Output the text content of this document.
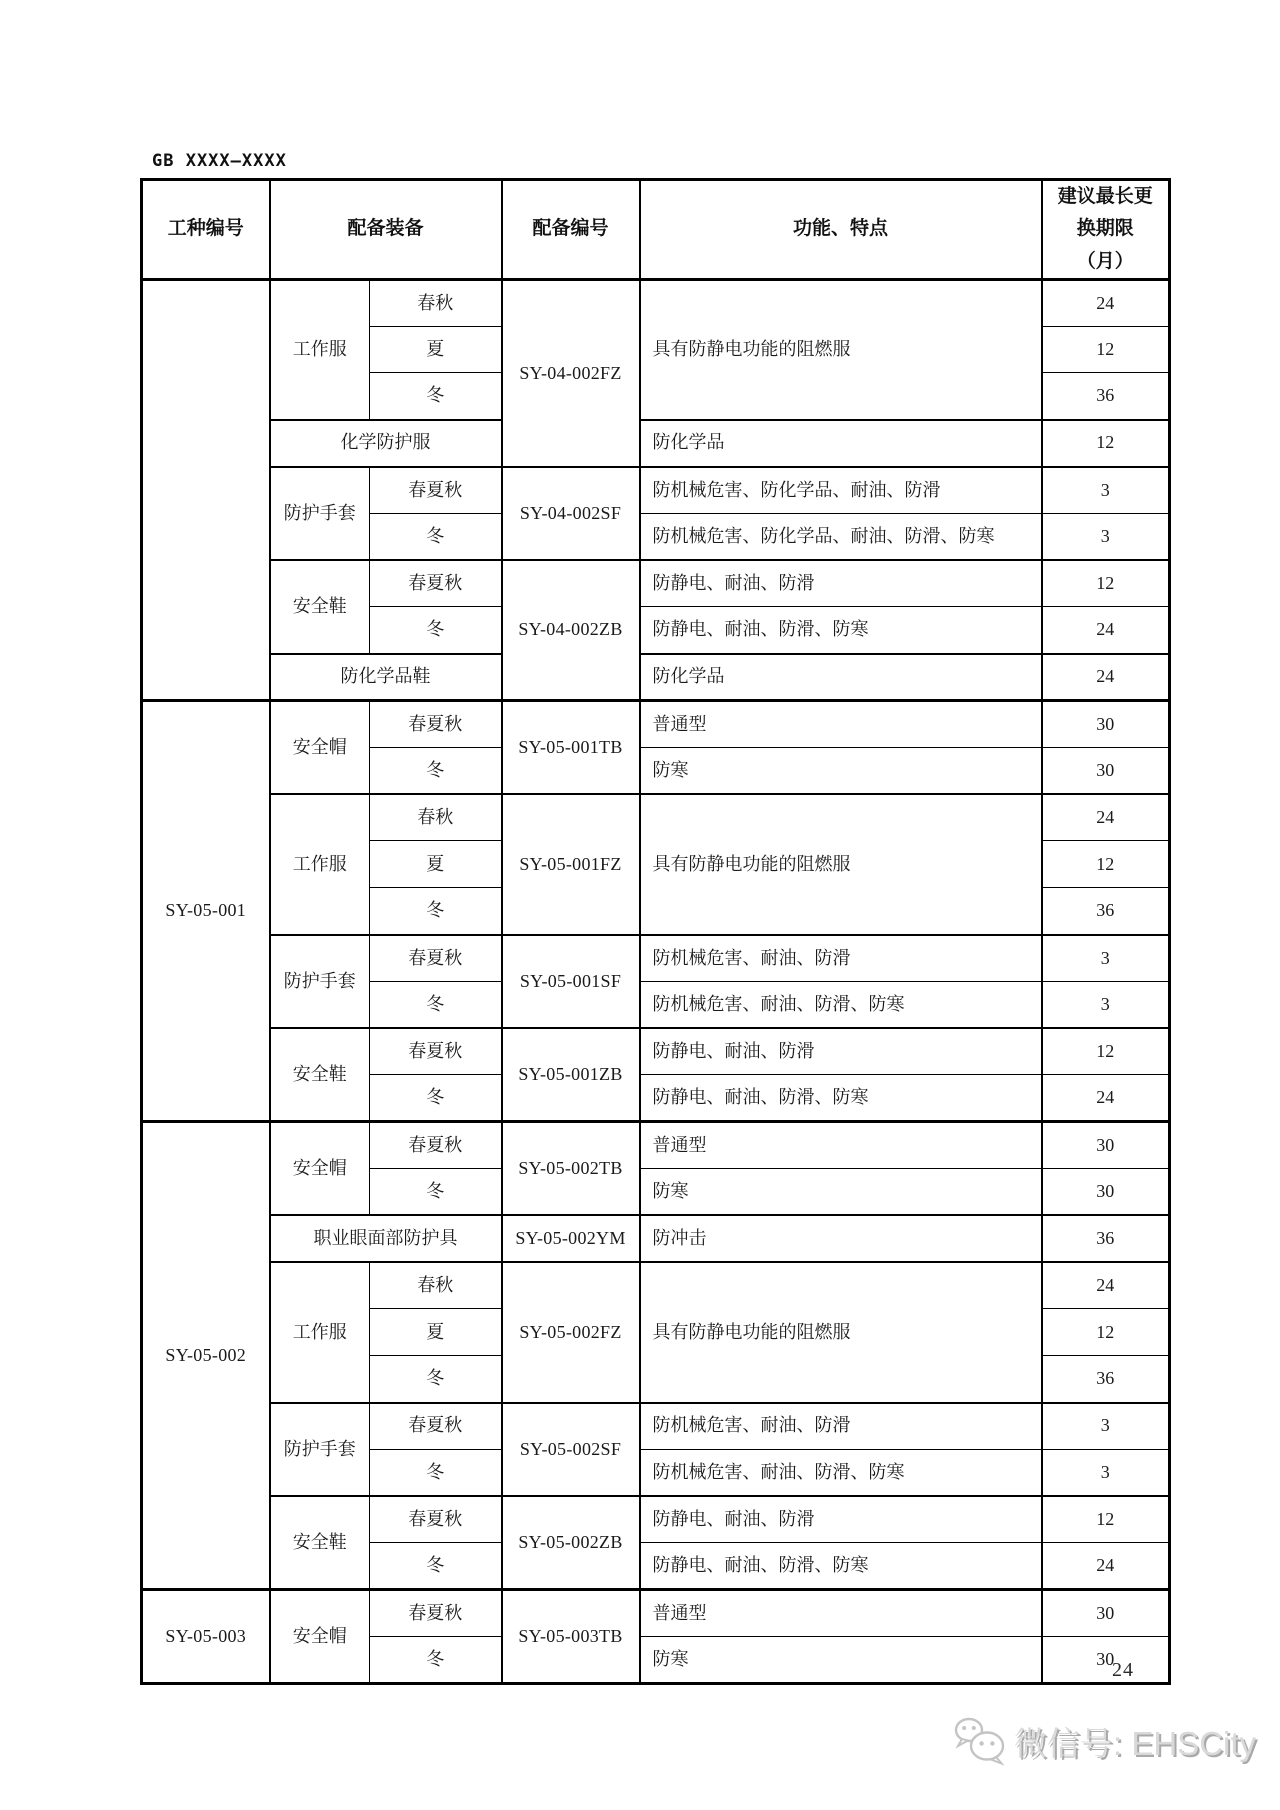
GB XXXX—XXXX
工种编号	配备装备		配备编号	功能、特点	建议最长更换期限（月）
	工作服	春秋	SY-04-002FZ	具有防静电功能的阻燃服	24
		夏			12
		冬			36
	化学防护服			防化学品	12
	防护手套	春夏秋	SY-04-002SF	防机械危害、防化学品、耐油、防滑	3
		冬		防机械危害、防化学品、耐油、防滑、防寒	3
	安全鞋	春夏秋	SY-04-002ZB	防静电、耐油、防滑	12
		冬		防静电、耐油、防滑、防寒	24
	防化学品鞋			防化学品	24
SY-05-001	安全帽	春夏秋	SY-05-001TB	普通型	30
		冬		防寒	30
	工作服	春秋	SY-05-001FZ	具有防静电功能的阻燃服	24
		夏			12
		冬			36
	防护手套	春夏秋	SY-05-001SF	防机械危害、耐油、防滑	3
		冬		防机械危害、耐油、防滑、防寒	3
	安全鞋	春夏秋	SY-05-001ZB	防静电、耐油、防滑	12
		冬		防静电、耐油、防滑、防寒	24
SY-05-002	安全帽	春夏秋	SY-05-002TB	普通型	30
		冬		防寒	30
	职业眼面部防护具		SY-05-002YM	防冲击	36
	工作服	春秋	SY-05-002FZ	具有防静电功能的阻燃服	24
		夏			12
		冬			36
	防护手套	春夏秋	SY-05-002SF	防机械危害、耐油、防滑	3
		冬		防机械危害、耐油、防滑、防寒	3
	安全鞋	春夏秋	SY-05-002ZB	防静电、耐油、防滑	12
		冬		防静电、耐油、防滑、防寒	24
SY-05-003	安全帽	春夏秋	SY-05-003TB	普通型	30
		冬		防寒	30
24
微信号: EHSCity
